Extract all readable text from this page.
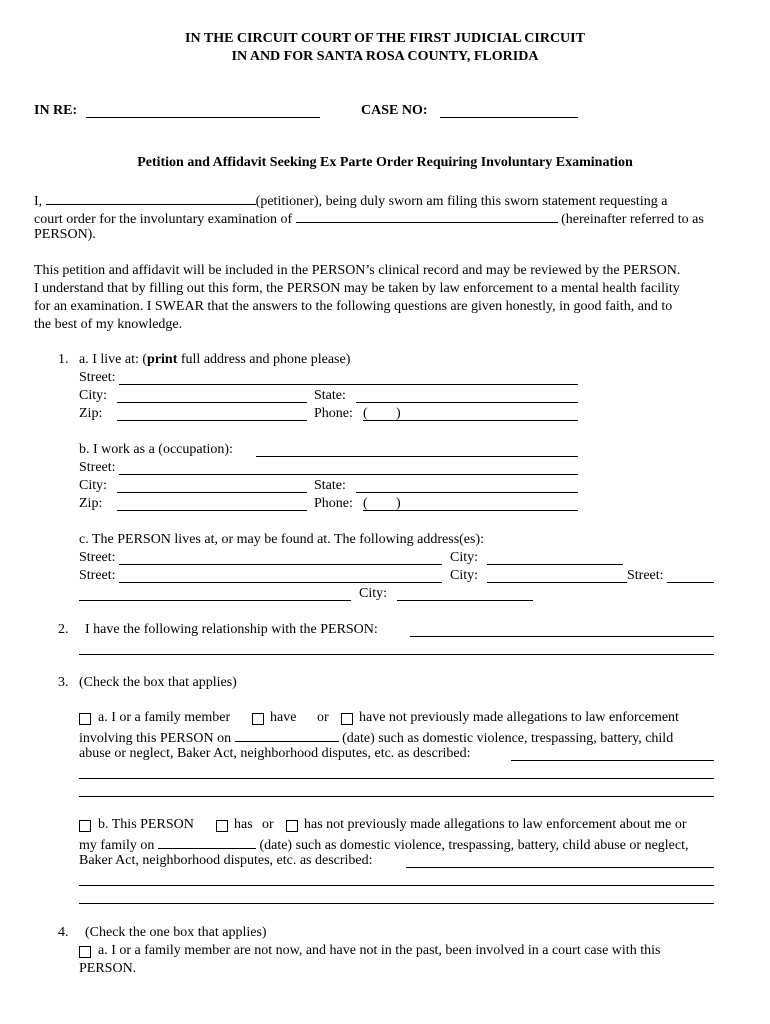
IN THE CIRCUIT COURT OF THE FIRST JUDICIAL CIRCUIT
IN AND FOR SANTA ROSA COUNTY, FLORIDA
IN RE:	CASE NO:
Petition and Affidavit Seeking Ex Parte Order Requiring Involuntary Examination
I,	(petitioner), being duly sworn am filing this sworn statement requesting a
court order for the involuntary examination of	(hereinafter referred to as
PERSON).
This petition and affidavit will be included in the PERSON’s clinical record and may be reviewed by the PERSON.
I understand that by filling out this form, the PERSON may be taken by law enforcement to a mental health facility
for an examination. I SWEAR that the answers to the following questions are given honestly, in good faith, and to
the best of my knowledge.
1. a. I live at: (print full address and phone please)
Street:
City:	State:
Zip:	Phone: ( )
b. I work as a (occupation):
Street:
City:	State:
Zip:	Phone: ( )
c. The PERSON lives at, or may be found at. The following address(es):
Street:	City:
Street:	City:	Street:
City:
2. I have the following relationship with the PERSON:
3. (Check the box that applies)
a. I or a family member	have or have not previously made allegations to law enforcement
involving this PERSON on	(date) such as domestic violence, trespassing, battery, child
abuse or neglect, Baker Act, neighborhood disputes, etc. as described:
b. This PERSON	has or has not previously made allegations to law enforcement about me or
my family on	(date) such as domestic violence, trespassing, battery, child abuse or neglect,
Baker Act, neighborhood disputes, etc. as described:
4. (Check the one box that applies)
a. I or a family member are not now, and have not in the past, been involved in a court case with this
PERSON.
